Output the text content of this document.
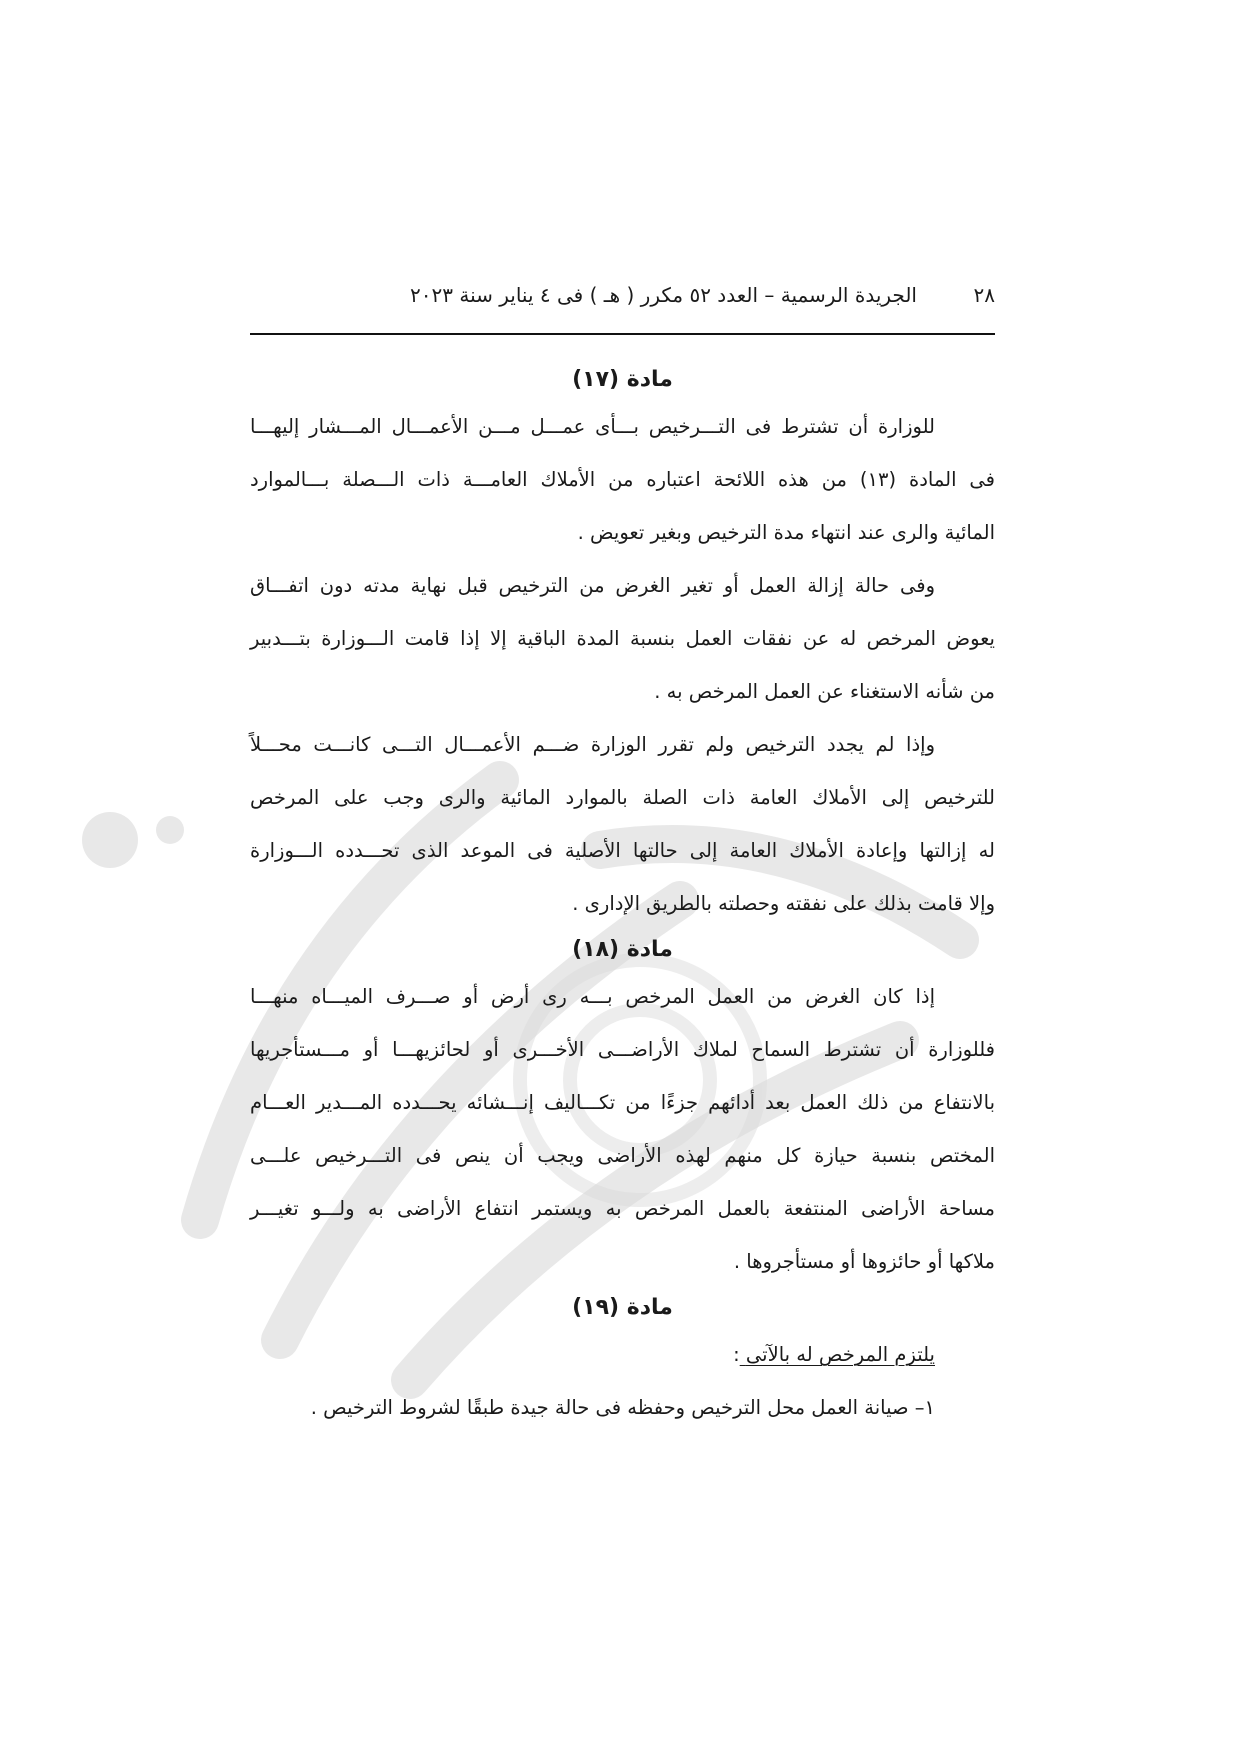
٢٨
الجريدة الرسمية – العدد ٥٢ مكرر ( هـ ) فى ٤ يناير سنة ٢٠٢٣
مادة (١٧)

للوزارة أن تشترط فى التـــرخيص بـــأى عمـــل مـــن الأعمـــال المـــشار إليهـــا
فى المادة (١٣) من هذه اللائحة اعتباره من الأملاك العامـــة ذات الـــصلة بـــالموارد
المائية والرى عند انتهاء مدة الترخيص وبغير تعويض .

وفى حالة إزالة العمل أو تغير الغرض من الترخيص قبل نهاية مدته دون اتفـــاق
يعوض المرخص له عن نفقات العمل بنسبة المدة الباقية إلا إذا قامت الـــوزارة بتـــدبير
من شأنه الاستغناء عن العمل المرخص به .

وإذا لم يجدد الترخيص ولم تقرر الوزارة ضـــم الأعمـــال التـــى كانـــت محـــلاً
للترخيص إلى الأملاك العامة ذات الصلة بالموارد المائية والرى وجب على المرخص
له إزالتها وإعادة الأملاك العامة إلى حالتها الأصلية فى الموعد الذى تحـــدده الـــوزارة
وإلا قامت بذلك على نفقته وحصلته بالطريق الإدارى .

مادة (١٨)

إذا كان الغرض من العمل المرخص بـــه رى أرض أو صـــرف الميـــاه منهـــا
فللوزارة أن تشترط السماح لملاك الأراضـــى الأخـــرى أو لحائزيهـــا أو مـــستأجريها
بالانتفاع من ذلك العمل بعد أدائهم جزءًا من تكـــاليف إنـــشائه يحـــدده المـــدير العـــام
المختص بنسبة حيازة كل منهم لهذه الأراضى ويجب أن ينص فى التـــرخيص علـــى
مساحة الأراضى المنتفعة بالعمل المرخص به ويستمر انتفاع الأراضى به ولـــو تغيـــر
ملاكها أو حائزوها أو مستأجروها .

مادة (١٩)

يلتزم المرخص له بالآتى :

١– صيانة العمل محل الترخيص وحفظه فى حالة جيدة طبقًا لشروط الترخيص .
